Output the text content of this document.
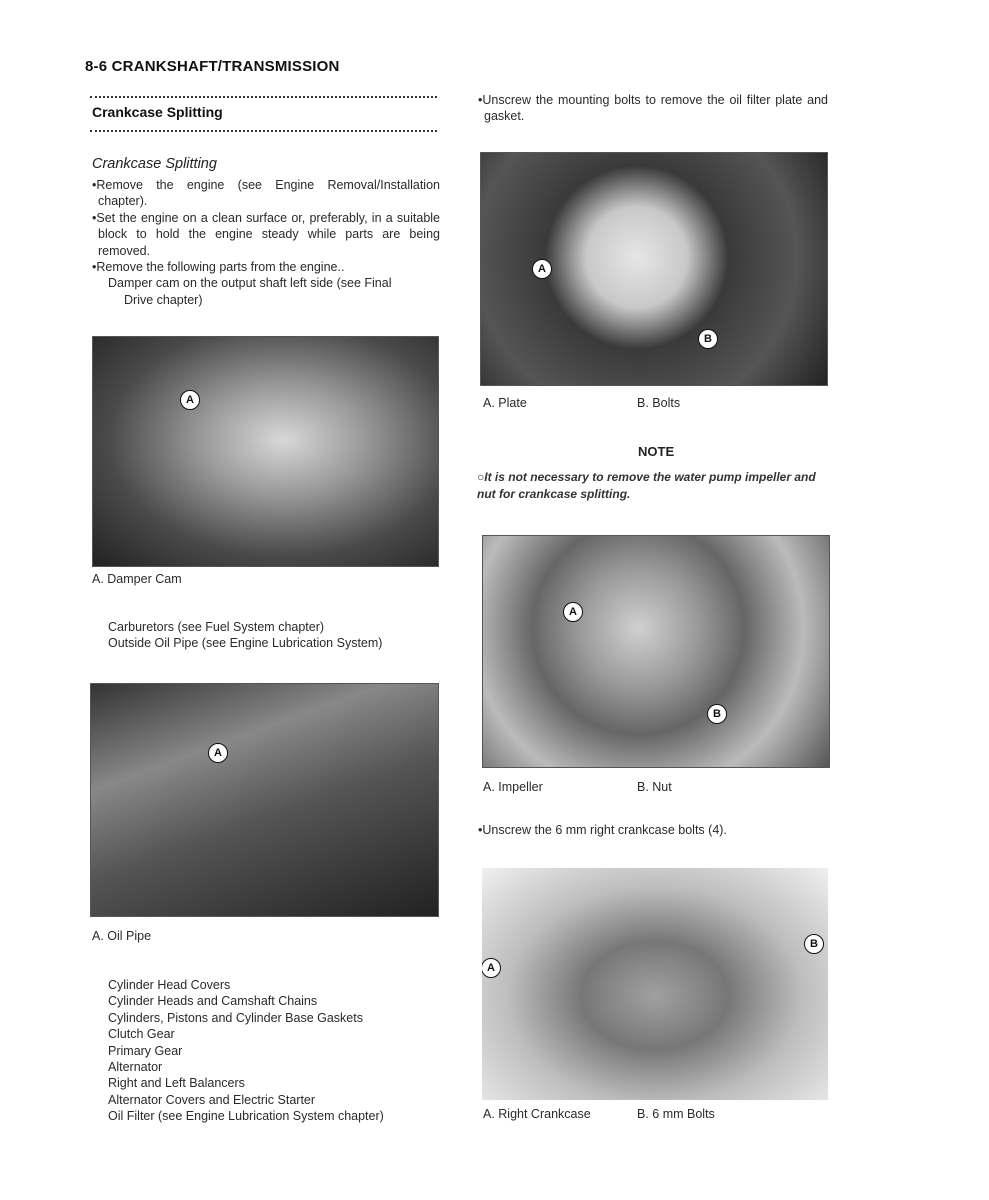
8-6 CRANKSHAFT/TRANSMISSION
Crankcase Splitting
Crankcase Splitting
•Remove the engine (see Engine Removal/Installation chapter).
•Set the engine on a clean surface or, preferably, in a suitable block to hold the engine steady while parts are being removed.
•Remove the following parts from the engine..
Damper cam on the output shaft left side (see Final
Drive chapter)
A
A. Damper Cam
Carburetors (see Fuel System chapter)
Outside Oil Pipe (see Engine Lubrication System)
A
A. Oil Pipe
Cylinder Head Covers
Cylinder Heads and Camshaft Chains
Cylinders, Pistons and Cylinder Base Gaskets
Clutch Gear
Primary Gear
Alternator
Right and Left Balancers
Alternator Covers and Electric Starter
Oil Filter (see Engine Lubrication System chapter)
•Unscrew the mounting bolts to remove the oil filter plate and gasket.
A
B
A. Plate	B. Bolts
NOTE
○It is not necessary to remove the water pump impeller and nut for crankcase splitting.
A
B
A. Impeller	B. Nut
•Unscrew the 6 mm right crankcase bolts (4).
A
B
A. Right Crankcase	B. 6 mm Bolts
